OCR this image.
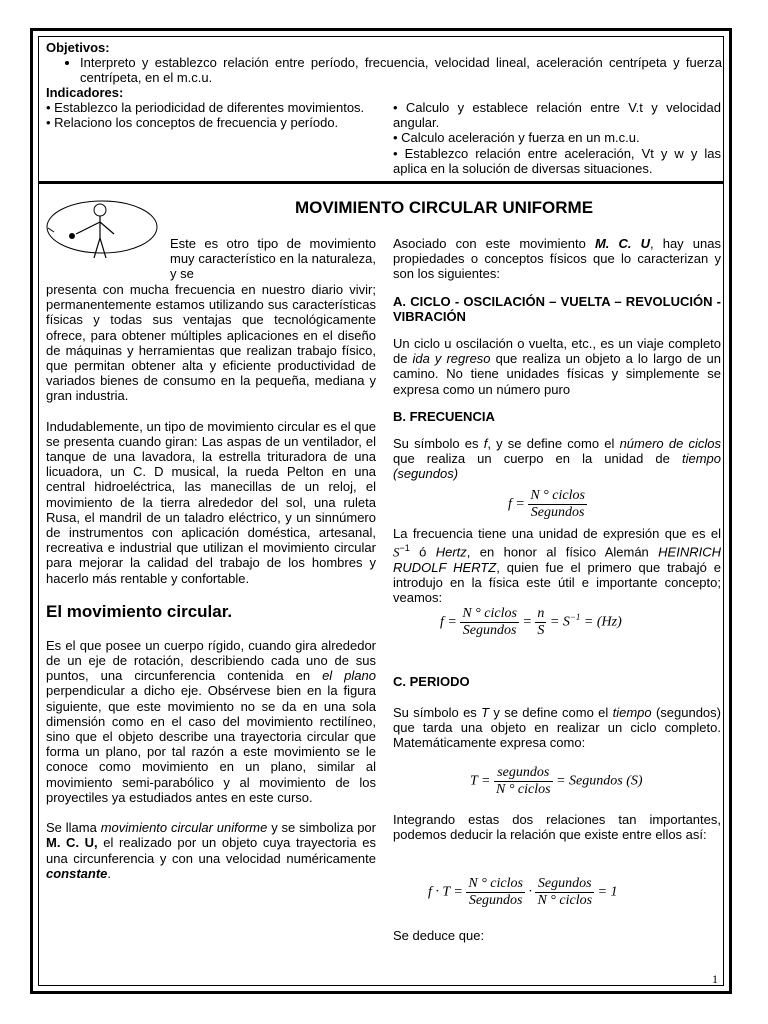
Objetivos:

• Interpreto y establezco relación entre período, frecuencia, velocidad lineal, aceleración centrípeta y fuerza centrípeta, en el m.c.u.

Indicadores:

• Establezco la periodicidad de diferentes movimientos.

• Relaciono los conceptos de frecuencia y período.

• Calculo y establece relación entre V.t y velocidad angular.

• Calculo aceleración y fuerza en un m.c.u.

• Establezco relación entre aceleración, Vt y w y las aplica en la solución de diversas situaciones.

MOVIMIENTO CIRCULAR UNIFORME

Este es otro tipo de movimiento muy característico en la naturaleza, y se

presenta con mucha frecuencia en nuestro diario vivir; permanentemente estamos utilizando sus características físicas y todas sus ventajas que tecnológicamente ofrece, para obtener múltiples aplicaciones en el diseño de máquinas y herramientas que realizan trabajo físico, que permitan obtener alta y eficiente productividad de variados bienes de consumo en la pequeña, mediana y gran industria.

Indudablemente, un tipo de movimiento circular es el que se presenta cuando giran: Las aspas de un ventilador, el tanque de una lavadora, la estrella trituradora de una licuadora, un C. D musical, la rueda Pelton en una central hidroeléctrica, las manecillas de un reloj, el movimiento de la tierra alrededor del sol, una ruleta Rusa, el mandril de un taladro eléctrico, y un sinnúmero de instrumentos con aplicación doméstica, artesanal, recreativa e industrial que utilizan el movimiento circular para mejorar la calidad del trabajo de los hombres y hacerlo más rentable y confortable.

El movimiento circular.

Es el que posee un cuerpo rígido, cuando gira alrededor de un eje de rotación, describiendo cada uno de sus puntos, una circunferencia contenida en el plano perpendicular a dicho eje. Obsérvese bien en la figura siguiente, que este movimiento no se da en una sola dimensión como en el caso del movimiento rectilíneo, sino que el objeto describe una trayectoria circular que forma un plano, por tal razón a este movimiento se le conoce como movimiento en un plano, similar al movimiento semi-parabólico y al movimiento de los proyectiles ya estudiados antes en este curso.

Se llama movimiento circular uniforme y se simboliza por M. C. U, el realizado por un objeto cuya trayectoria es una circunferencia y con una velocidad numéricamente constante.

Asociado con este movimiento M. C. U, hay unas propiedades o conceptos físicos que lo caracterizan y son los siguientes:

A. CICLO - OSCILACIÓN – VUELTA – REVOLUCIÓN - VIBRACIÓN

Un ciclo u oscilación o vuelta, etc., es un viaje completo de ida y regreso que realiza un objeto a lo largo de un camino. No tiene unidades físicas y simplemente se expresa como un número puro

B. FRECUENCIA

Su símbolo es f, y se define como el número de ciclos que realiza un cuerpo en la unidad de tiempo (segundos)

$f = \frac{\text{N ° ciclos}}{\text{Segundos}}$

La frecuencia tiene una unidad de expresión que es el $S^{-1}$ ó Hertz, en honor al físico Alemán HEINRICH RUDOLF HERTZ, quien fue el primero que trabajó e introdujo en la física este útil e importante concepto; veamos:

$f = \frac{\text{N ° ciclos}}{\text{Segundos}} = \frac{n}{S} = S^{-1} = (Hz)$

C. PERIODO

Su símbolo es T y se define como el tiempo (segundos) que tarda una objeto en realizar un ciclo completo. Matemáticamente expresa como:

$T = \frac{\text{segundos}}{\text{N ° ciclos}}$ = Segundos (S)

Integrando estas dos relaciones tan importantes, podemos deducir la relación que existe entre ellos así:

$f \cdot T = \frac{\text{N ° ciclos}}{\text{Segundos}} \cdot \frac{\text{Segundos}}{\text{N ° ciclos}} = 1$
Se deduce que:
1
